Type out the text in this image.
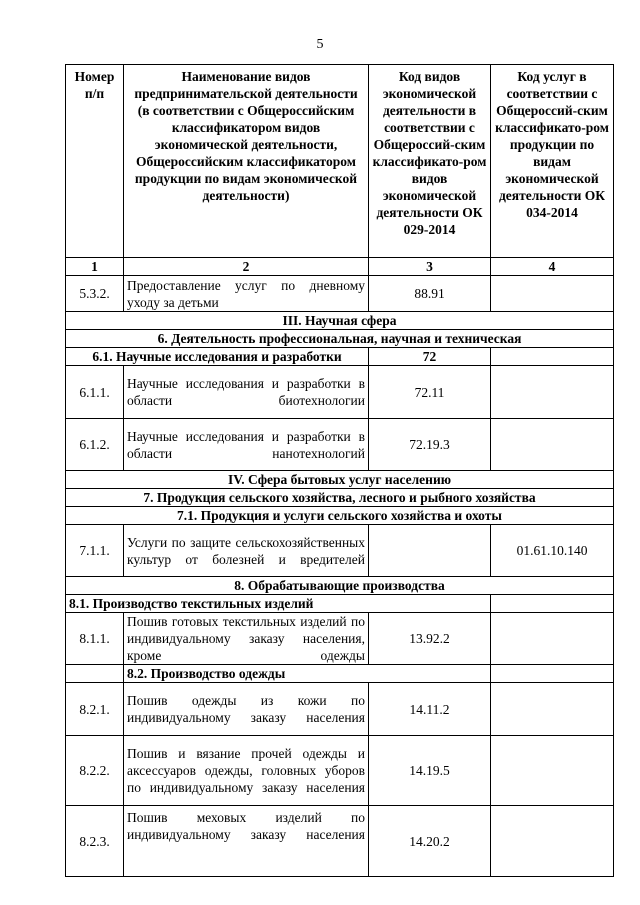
5
Номер п/п	Наименование видов предпринимательской деятельности (в соответствии с Общероссийским классификатором видов экономической деятельности, Общероссийским классификатором продукции по видам экономической деятельности)	Код видов экономической деятельности в соответствии с Общероссий-ским классификато-ром видов экономической деятельности ОК 029-2014	Код услуг в соответствии с Общероссий-ским классификато-ром продукции по видам экономической деятельности ОК 034-2014
1	2	3	4
5.3.2.	Предоставление услуг по дневному уходу за детьми	88.91	
III. Научная сфера			
6. Деятельность профессиональная, научная и техническая			
6.1. Научные исследования и разработки		72	
6.1.1.	Научные исследования и разработки в области биотехнологии	72.11	
6.1.2.	Научные исследования и разработки в области нанотехнологий	72.19.3	
IV. Сфера бытовых услуг населению			
7. Продукция сельского хозяйства, лесного и рыбного хозяйства			
7.1. Продукция и услуги сельского хозяйства и охоты			
7.1.1.	Услуги по защите сельскохозяйственных культур от болезней и вредителей		01.61.10.140
8. Обрабатывающие производства			
8.1. Производство текстильных изделий			
8.1.1.	Пошив готовых текстильных изделий по индивидуальному заказу населения, кроме одежды	13.92.2	
	8.2. Производство одежды		
8.2.1.	Пошив одежды из кожи по индивидуальному заказу населения	14.11.2	
8.2.2.	Пошив и вязание прочей одежды и аксессуаров одежды, головных уборов по индивидуальному заказу населения	14.19.5	
8.2.3.	Пошив меховых изделий по индивидуальному заказу населения	14.20.2	
